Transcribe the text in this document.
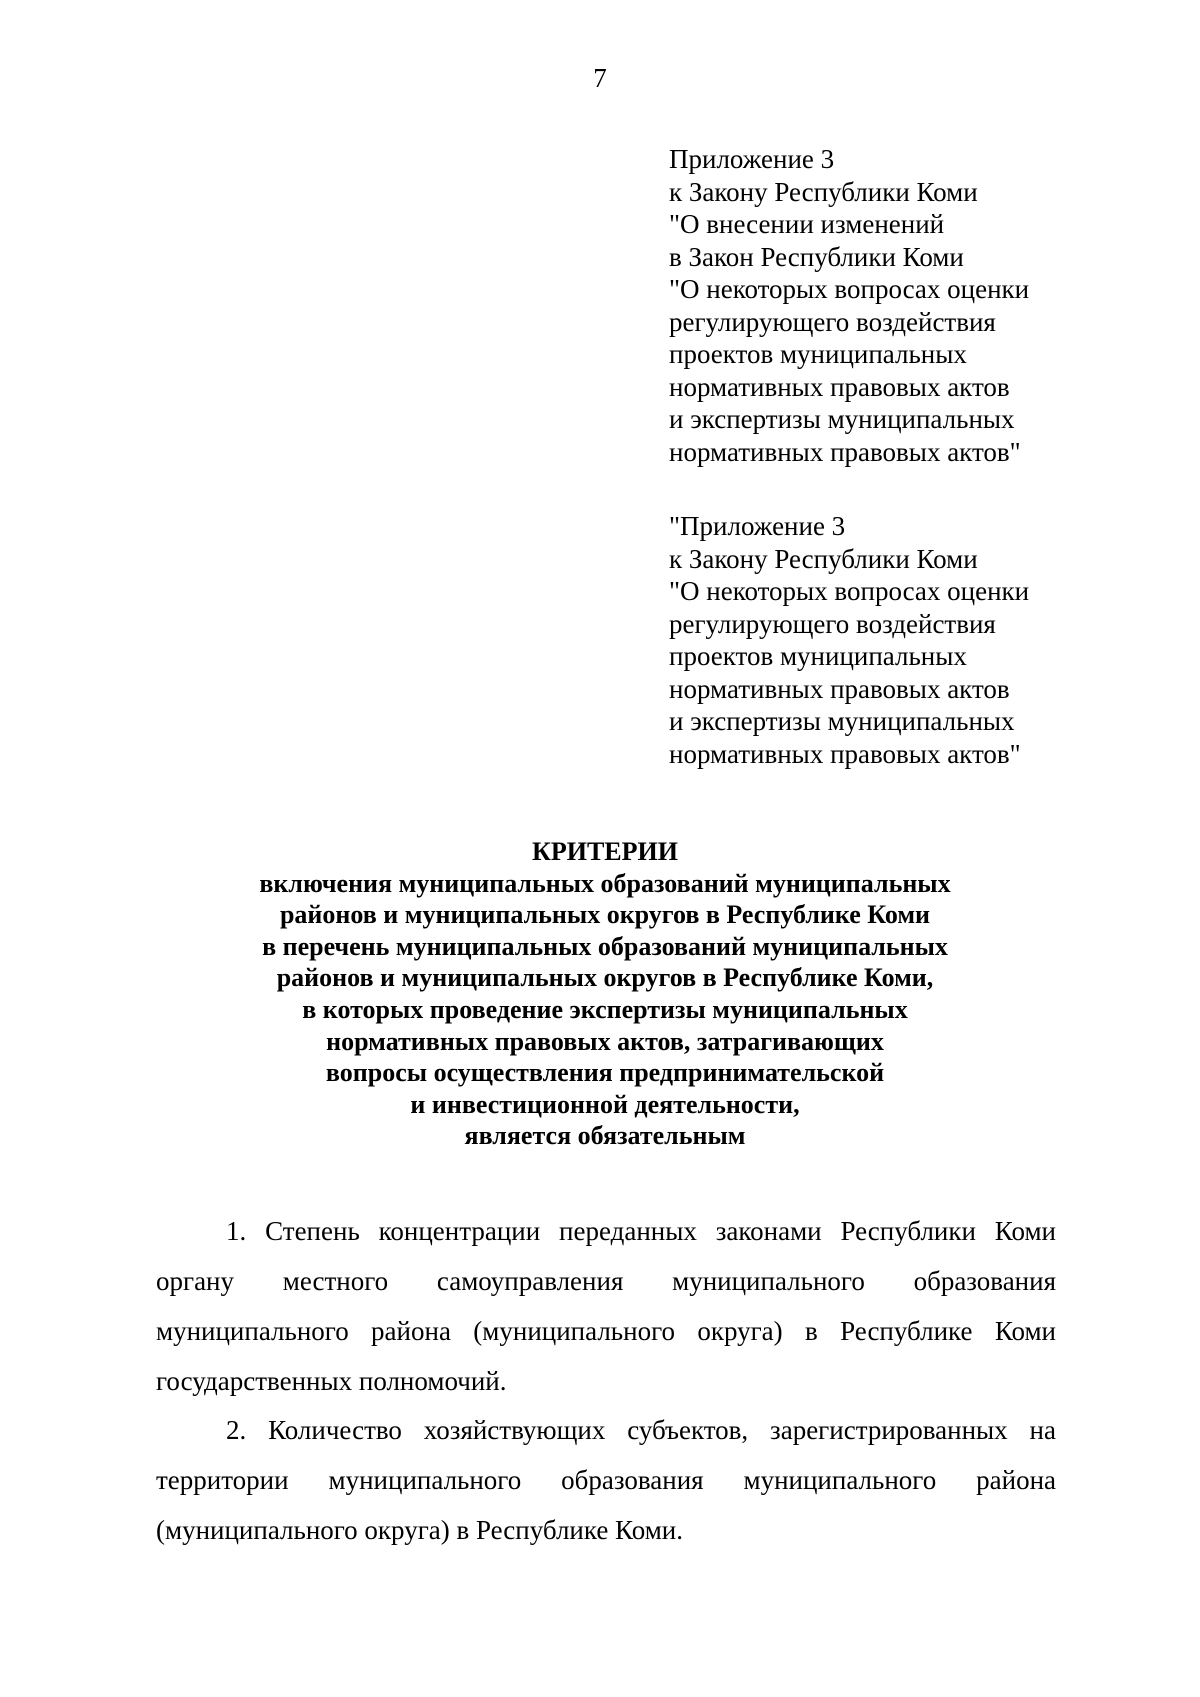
7
Приложение 3
к Закону Республики Коми
"О внесении изменений
в Закон Республики Коми
"О некоторых вопросах оценки
регулирующего воздействия
проектов муниципальных
нормативных правовых актов
и экспертизы муниципальных
нормативных правовых актов"
"Приложение 3
к Закону Республики Коми
"О некоторых вопросах оценки
регулирующего воздействия
проектов муниципальных
нормативных правовых актов
и экспертизы муниципальных
нормативных правовых актов"
КРИТЕРИИ
включения муниципальных образований муниципальных
районов и муниципальных округов в Республике Коми
в перечень муниципальных образований муниципальных
районов и муниципальных округов в Республике Коми,
в которых проведение экспертизы муниципальных
нормативных правовых актов, затрагивающих
вопросы осуществления предпринимательской
и инвестиционной деятельности,
является обязательным
1. Степень концентрации переданных законами Республики Коми
органу местного самоуправления муниципального образования
муниципального района (муниципального округа) в Республике Коми
государственных полномочий.
2. Количество хозяйствующих субъектов, зарегистрированных на
территории муниципального образования муниципального района
(муниципального округа) в Республике Коми.
